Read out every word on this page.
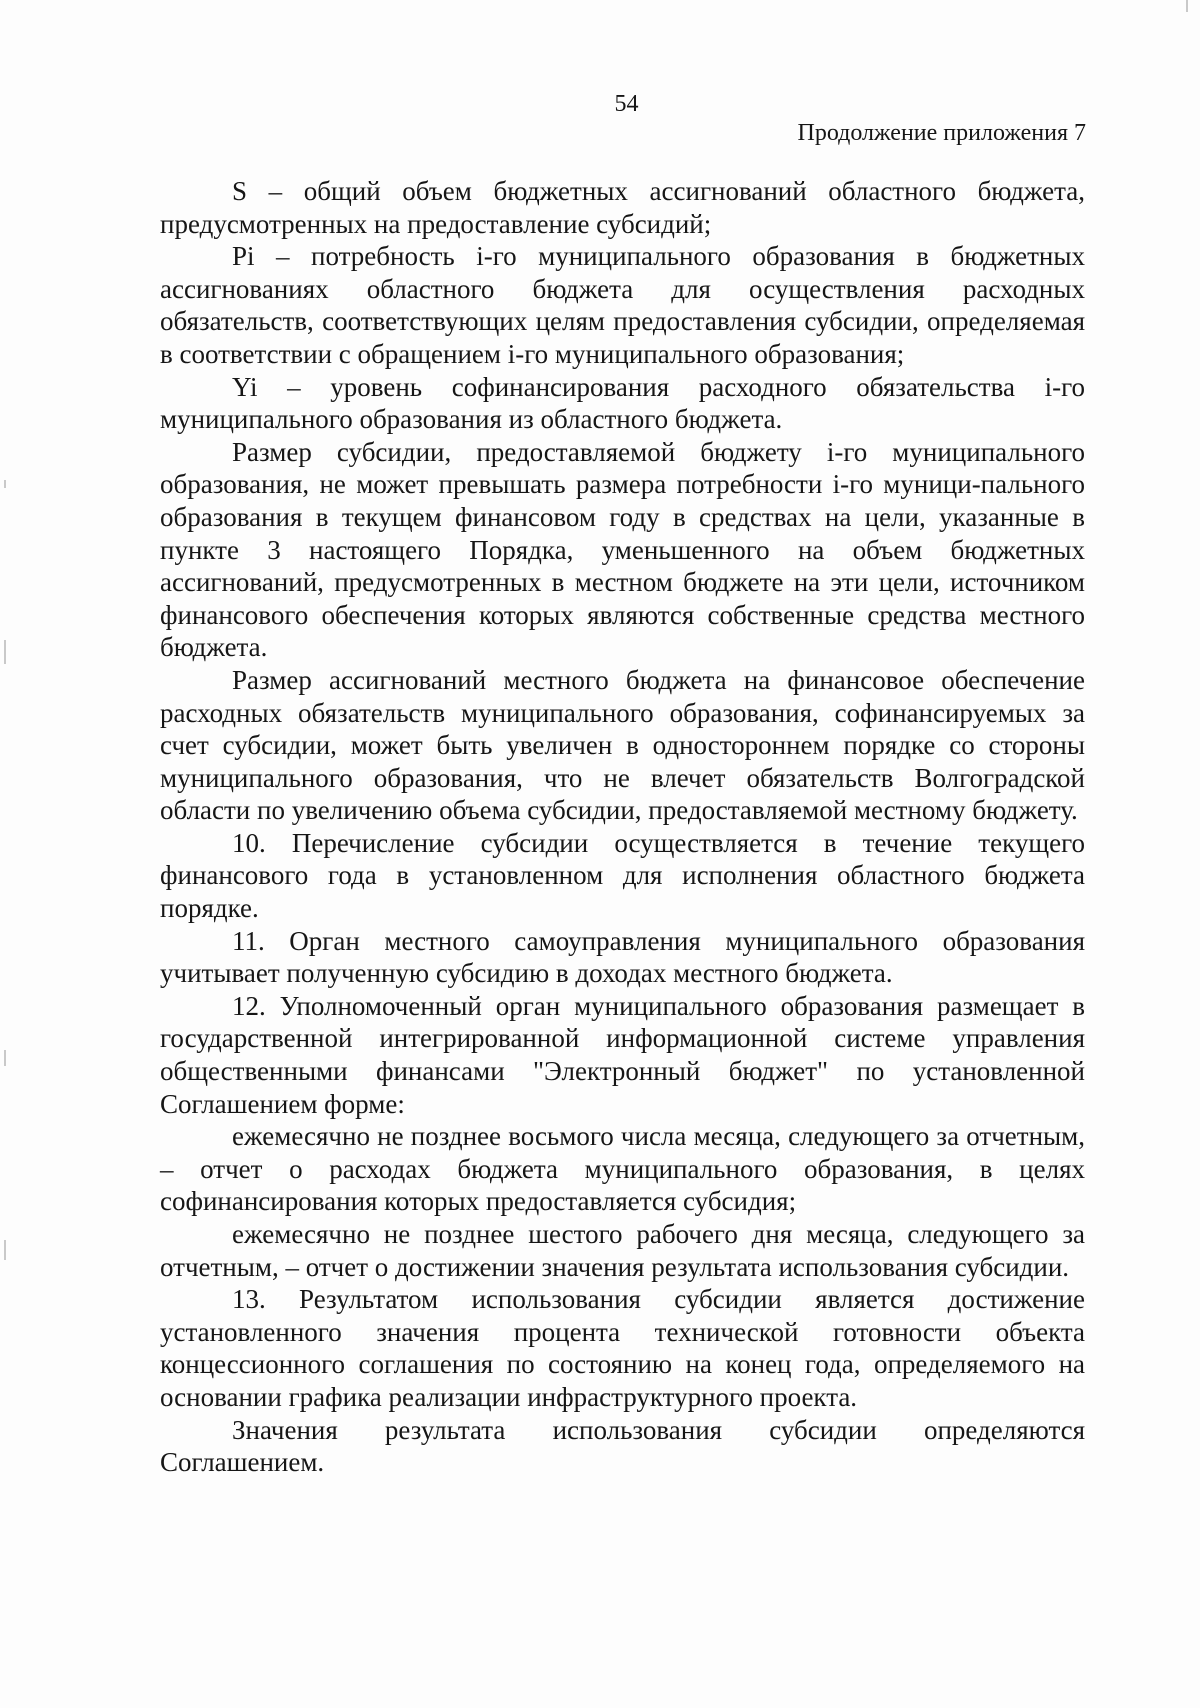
54
Продолжение приложения 7

S – общий объем бюджетных ассигнований областного бюджета, предусмотренных на предоставление субсидий;

Pi – потребность i-го муниципального образования в бюджетных ассигнованиях областного бюджета для осуществления расходных обязательств, соответствующих целям предоставления субсидии, определяемая в соответствии с обращением i-го муниципального образования;

Yi – уровень софинансирования расходного обязательства i-го муниципального образования из областного бюджета.

Размер субсидии, предоставляемой бюджету i-го муниципального образования, не может превышать размера потребности i-го муници-пального образования в текущем финансовом году в средствах на цели, указанные в пункте 3 настоящего Порядка, уменьшенного на объем бюджетных ассигнований, предусмотренных в местном бюджете на эти цели, источником финансового обеспечения которых являются собственные средства местного бюджета.

Размер ассигнований местного бюджета на финансовое обеспечение расходных обязательств муниципального образования, софинансируемых за счет субсидии, может быть увеличен в одностороннем порядке со стороны муниципального образования, что не влечет обязательств Волгоградской области по увеличению объема субсидии, предоставляемой местному бюджету.

10. Перечисление субсидии осуществляется в течение текущего финансового года в установленном для исполнения областного бюджета порядке.

11. Орган местного самоуправления муниципального образования учитывает полученную субсидию в доходах местного бюджета.

12. Уполномоченный орган муниципального образования размещает в государственной интегрированной информационной системе управления общественными финансами "Электронный бюджет" по установленной Соглашением форме:

ежемесячно не позднее восьмого числа месяца, следующего за отчетным, – отчет о расходах бюджета муниципального образования, в целях софинансирования которых предоставляется субсидия;

ежемесячно не позднее шестого рабочего дня месяца, следующего за отчетным, – отчет о достижении значения результата использования субсидии.

13. Результатом использования субсидии является достижение установленного значения процента технической готовности объекта концессионного соглашения по состоянию на конец года, определяемого на основании графика реализации инфраструктурного проекта.

Значения результата использования субсидии определяются Соглашением.
